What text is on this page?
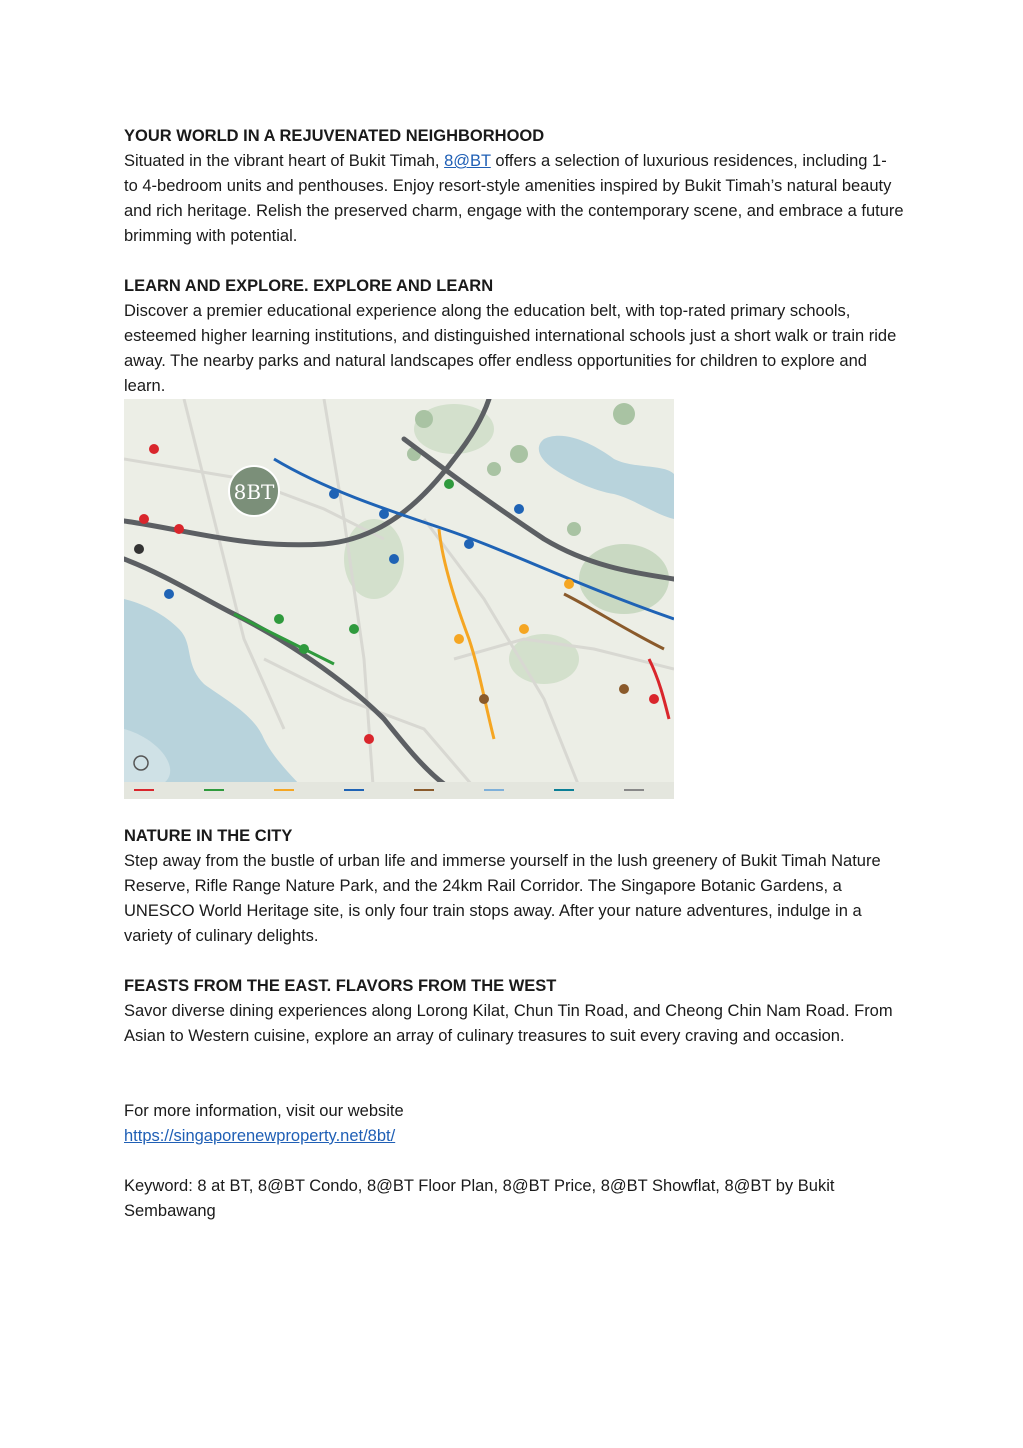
YOUR WORLD IN A REJUVENATED NEIGHBORHOOD

Situated in the vibrant heart of Bukit Timah, 8@BT offers a selection of luxurious residences, including 1- to 4-bedroom units and penthouses. Enjoy resort-style amenities inspired by Bukit Timah’s natural beauty and rich heritage. Relish the preserved charm, engage with the contemporary scene, and embrace a future brimming with potential.

LEARN AND EXPLORE. EXPLORE AND LEARN

Discover a premier educational experience along the education belt, with top-rated primary schools, esteemed higher learning institutions, and distinguished international schools just a short walk or train ride away. The nearby parks and natural landscapes offer endless opportunities for children to explore and learn.

8BT

NATURE IN THE CITY

Step away from the bustle of urban life and immerse yourself in the lush greenery of Bukit Timah Nature Reserve, Rifle Range Nature Park, and the 24km Rail Corridor. The Singapore Botanic Gardens, a UNESCO World Heritage site, is only four train stops away. After your nature adventures, indulge in a variety of culinary delights.

FEASTS FROM THE EAST. FLAVORS FROM THE WEST

Savor diverse dining experiences along Lorong Kilat, Chun Tin Road, and Cheong Chin Nam Road. From Asian to Western cuisine, explore an array of culinary treasures to suit every craving and occasion.

For more information, visit our website

https://singaporenewproperty.net/8bt/

Keyword: 8 at BT, 8@BT Condo, 8@BT Floor Plan, 8@BT Price, 8@BT Showflat, 8@BT by Bukit Sembawang
